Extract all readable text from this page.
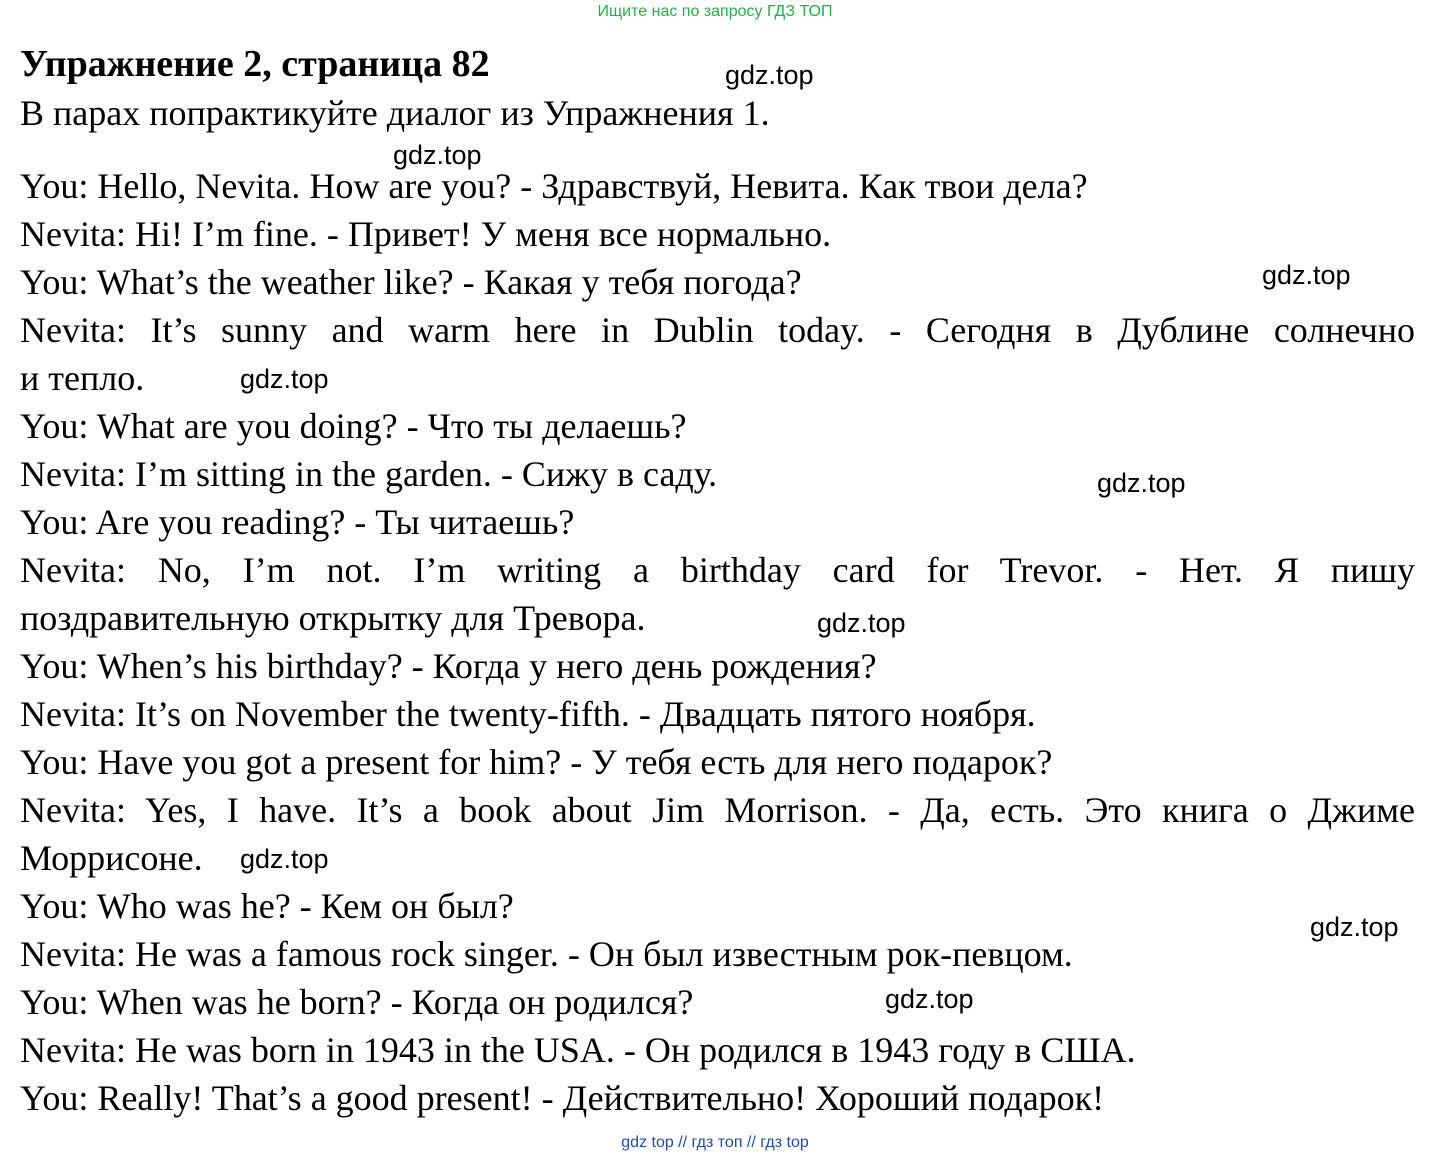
Ищите нас по запросу ГДЗ ТОП
Упражнение 2, страница 82
В парах попрактикуйте диалог из Упражнения 1.
You: Hello, Nevita. How are you? - Здравствуй, Невита. Как твои дела?
Nevita: Hi! I’m fine. - Привет! У меня все нормально.
You: What’s the weather like? - Какая у тебя погода?
Nevita: It’s sunny and warm here in Dublin today. - Сегодня в Дублине солнечно
и тепло.
You: What are you doing? - Что ты делаешь?
Nevita: I’m sitting in the garden. - Сижу в саду.
You: Are you reading? - Ты читаешь?
Nevita: No, I’m not. I’m writing a birthday card for Trevor. - Нет. Я пишу
поздравительную открытку для Тревора.
You: When’s his birthday? - Когда у него день рождения?
Nevita: It’s on November the twenty-fifth. - Двадцать пятого ноября.
You: Have you got a present for him? - У тебя есть для него подарок?
Nevita: Yes, I have. It’s a book about Jim Morrison. - Да, есть. Это книга о Джиме
Моррисоне.
You: Who was he? - Кем он был?
Nevita: He was a famous rock singer. - Он был известным рок-певцом.
You: When was he born? - Когда он родился?
Nevita: He was born in 1943 in the USA. - Он родился в 1943 году в США.
You: Really! That’s a good present! - Действительно! Хороший подарок!
gdz.top
gdz.top
gdz.top
gdz.top
gdz.top
gdz.top
gdz.top
gdz.top
gdz.top
gdz top // гдз топ // гдз top
